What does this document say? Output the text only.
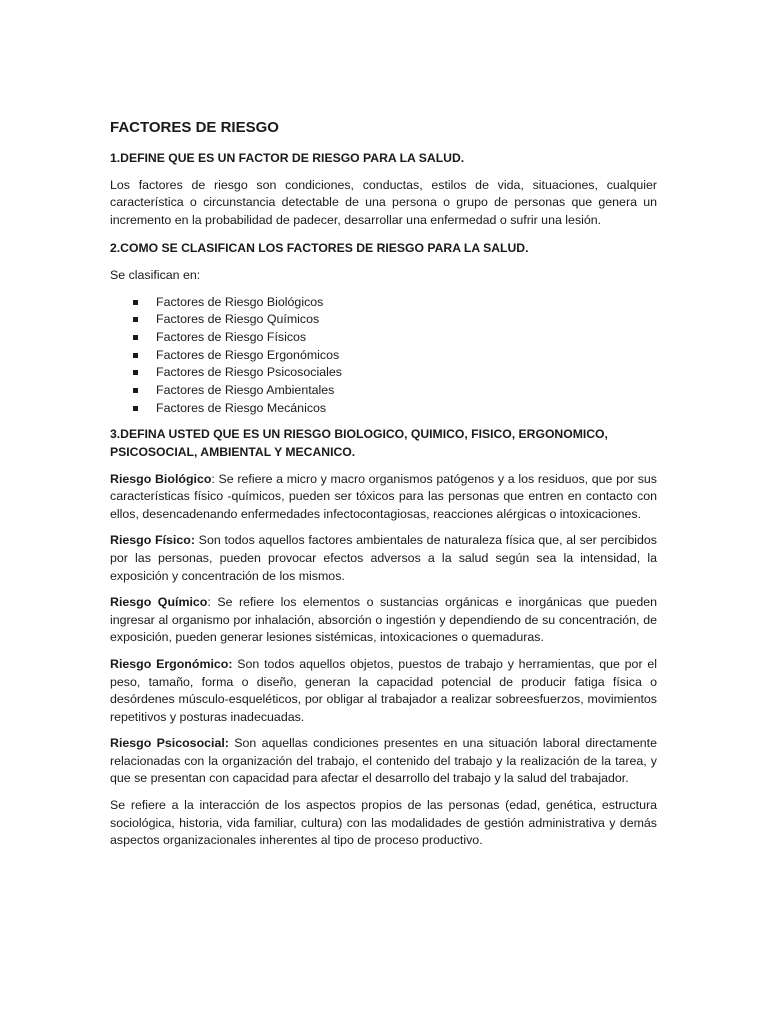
FACTORES DE RIESGO
1.DEFINE QUE ES UN FACTOR DE RIESGO PARA LA SALUD.

Los factores de riesgo son condiciones, conductas, estilos de vida, situaciones, cualquier característica o circunstancia detectable de una persona o grupo de personas que genera un incremento en la probabilidad de padecer, desarrollar una enfermedad o sufrir una lesión.

2.COMO SE CLASIFICAN LOS FACTORES DE RIESGO PARA LA SALUD.

Se clasifican en:

Factores de Riesgo Biológicos
Factores de Riesgo Químicos
Factores de Riesgo Físicos
Factores de Riesgo Ergonómicos
Factores de Riesgo Psicosociales
Factores de Riesgo Ambientales
Factores de Riesgo Mecánicos
3.DEFINA USTED QUE ES UN RIESGO BIOLOGICO, QUIMICO, FISICO, ERGONOMICO, PSICOSOCIAL, AMBIENTAL Y MECANICO.

Riesgo Biológico: Se refiere a micro y macro organismos patógenos y a los residuos, que por sus características físico -químicos, pueden ser tóxicos para las personas que entren en contacto con ellos, desencadenando enfermedades infectocontagiosas, reacciones alérgicas o intoxicaciones.

Riesgo Físico: Son todos aquellos factores ambientales de naturaleza física que, al ser percibidos por las personas, pueden provocar efectos adversos a la salud según sea la intensidad, la exposición y concentración de los mismos.

Riesgo Químico: Se refiere los elementos o sustancias orgánicas e inorgánicas que pueden ingresar al organismo por inhalación, absorción o ingestión y dependiendo de su concentración, de exposición, pueden generar lesiones sistémicas, intoxicaciones o quemaduras.

Riesgo Ergonómico: Son todos aquellos objetos, puestos de trabajo y herramientas, que por el peso, tamaño, forma o diseño, generan la capacidad potencial de producir fatiga física o desórdenes músculo-esqueléticos, por obligar al trabajador a realizar sobreesfuerzos, movimientos repetitivos y posturas inadecuadas.

Riesgo Psicosocial: Son aquellas condiciones presentes en una situación laboral directamente relacionadas con la organización del trabajo, el contenido del trabajo y la realización de la tarea, y que se presentan con capacidad para afectar el desarrollo del trabajo y la salud del trabajador.

Se refiere a la interacción de los aspectos propios de las personas (edad, genética, estructura sociológica, historia, vida familiar, cultura) con las modalidades de gestión administrativa y demás aspectos organizacionales inherentes al tipo de proceso productivo.
